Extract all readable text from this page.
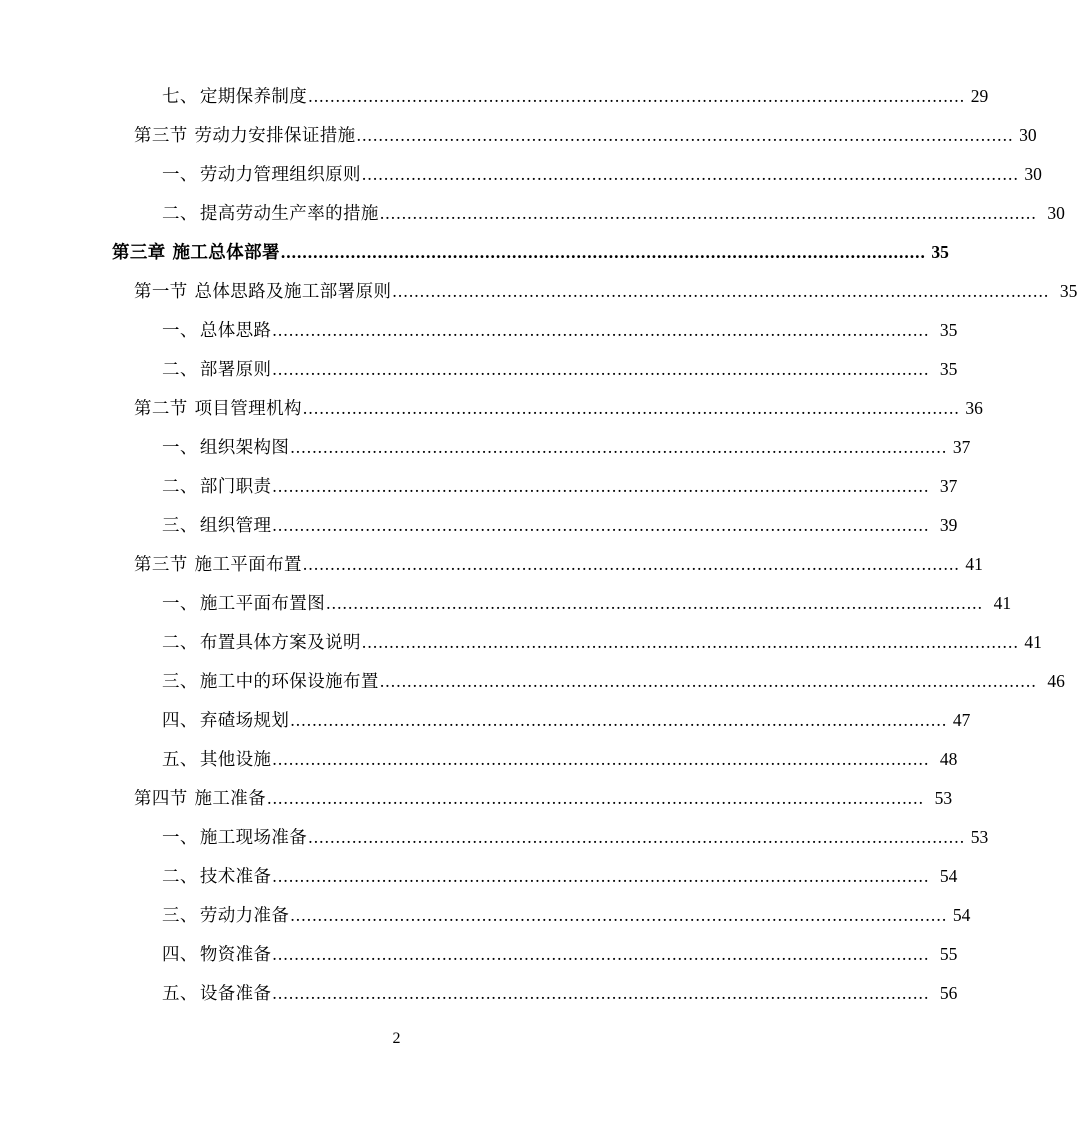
七、 定期保养制度 ........................................................................................................................ 29
第三节 劳动力安排保证措施 ........................................................................................................................ 30
一、 劳动力管理组织原则 ........................................................................................................................ 30
二、 提高劳动生产率的措施 ........................................................................................................................ 30
第三章 施工总体部署 ........................................................................................................................ 35
第一节 总体思路及施工部署原则 ........................................................................................................................ 35
一、 总体思路 ........................................................................................................................ 35
二、 部署原则 ........................................................................................................................ 35
第二节 项目管理机构 ........................................................................................................................ 36
一、 组织架构图 ........................................................................................................................ 37
二、 部门职责 ........................................................................................................................ 37
三、 组织管理 ........................................................................................................................ 39
第三节 施工平面布置 ........................................................................................................................ 41
一、 施工平面布置图 ........................................................................................................................ 41
二、 布置具体方案及说明 ........................................................................................................................ 41
三、 施工中的环保设施布置 ........................................................................................................................ 46
四、 弃碴场规划 ........................................................................................................................ 47
五、 其他设施 ........................................................................................................................ 48
第四节 施工准备 ........................................................................................................................ 53
一、 施工现场准备 ........................................................................................................................ 53
二、 技术准备 ........................................................................................................................ 54
三、 劳动力准备 ........................................................................................................................ 54
四、 物资准备 ........................................................................................................................ 55
五、 设备准备 ........................................................................................................................ 56
2
